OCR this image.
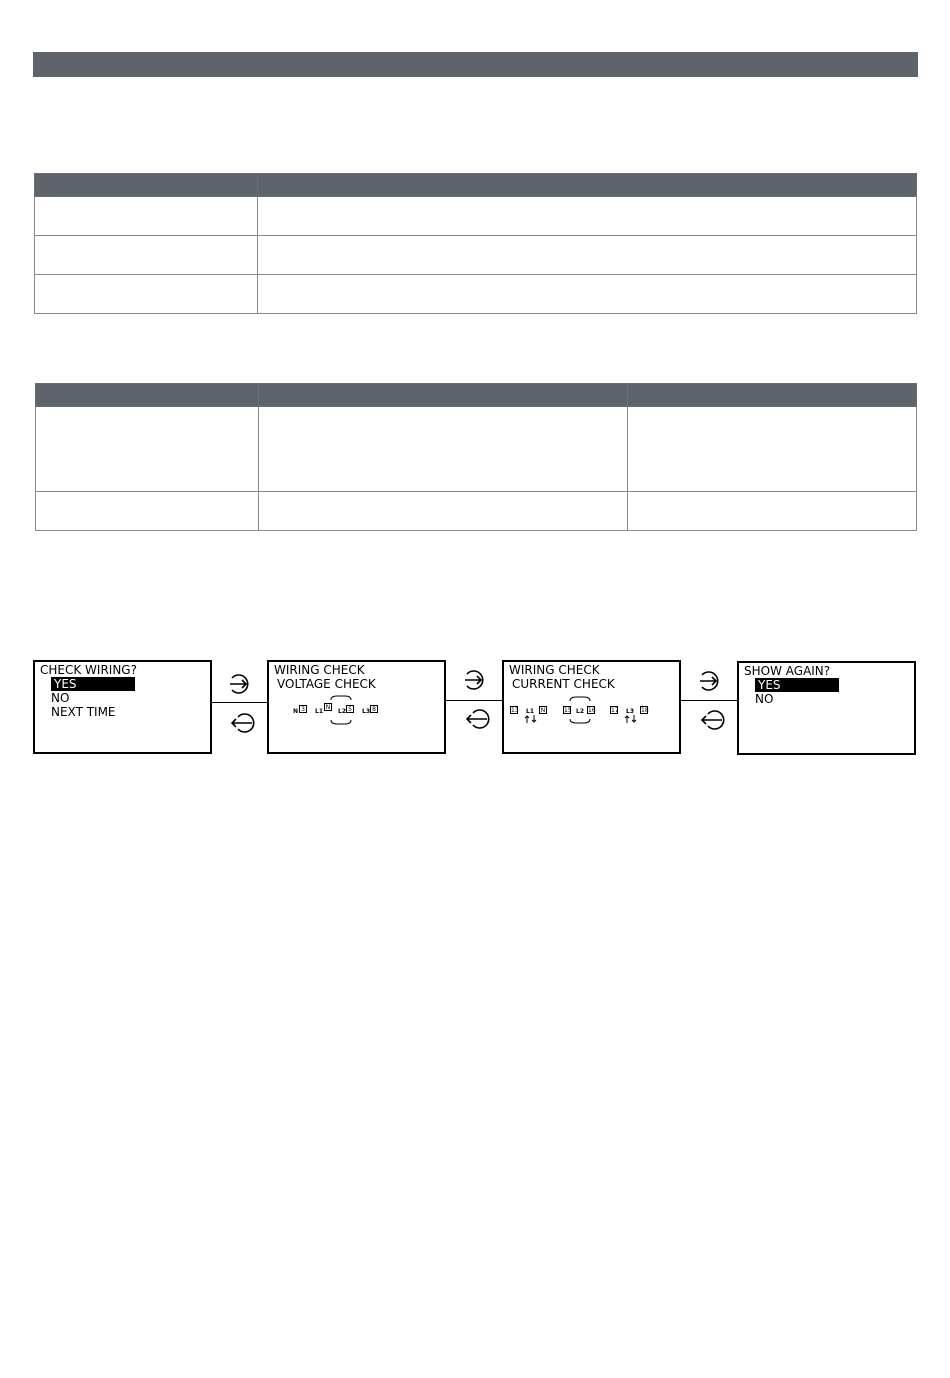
CHECK WIRING?
YES
NO
NEXT TIME
WIRING CHECK
VOLTAGE CHECK
N 3	L1
N
L2 5	L3 8
WIRING CHECK
CURRENT CHECK
13 L1 N	15 L2 16	17 L3 18
SHOW AGAIN?
YES
NO
